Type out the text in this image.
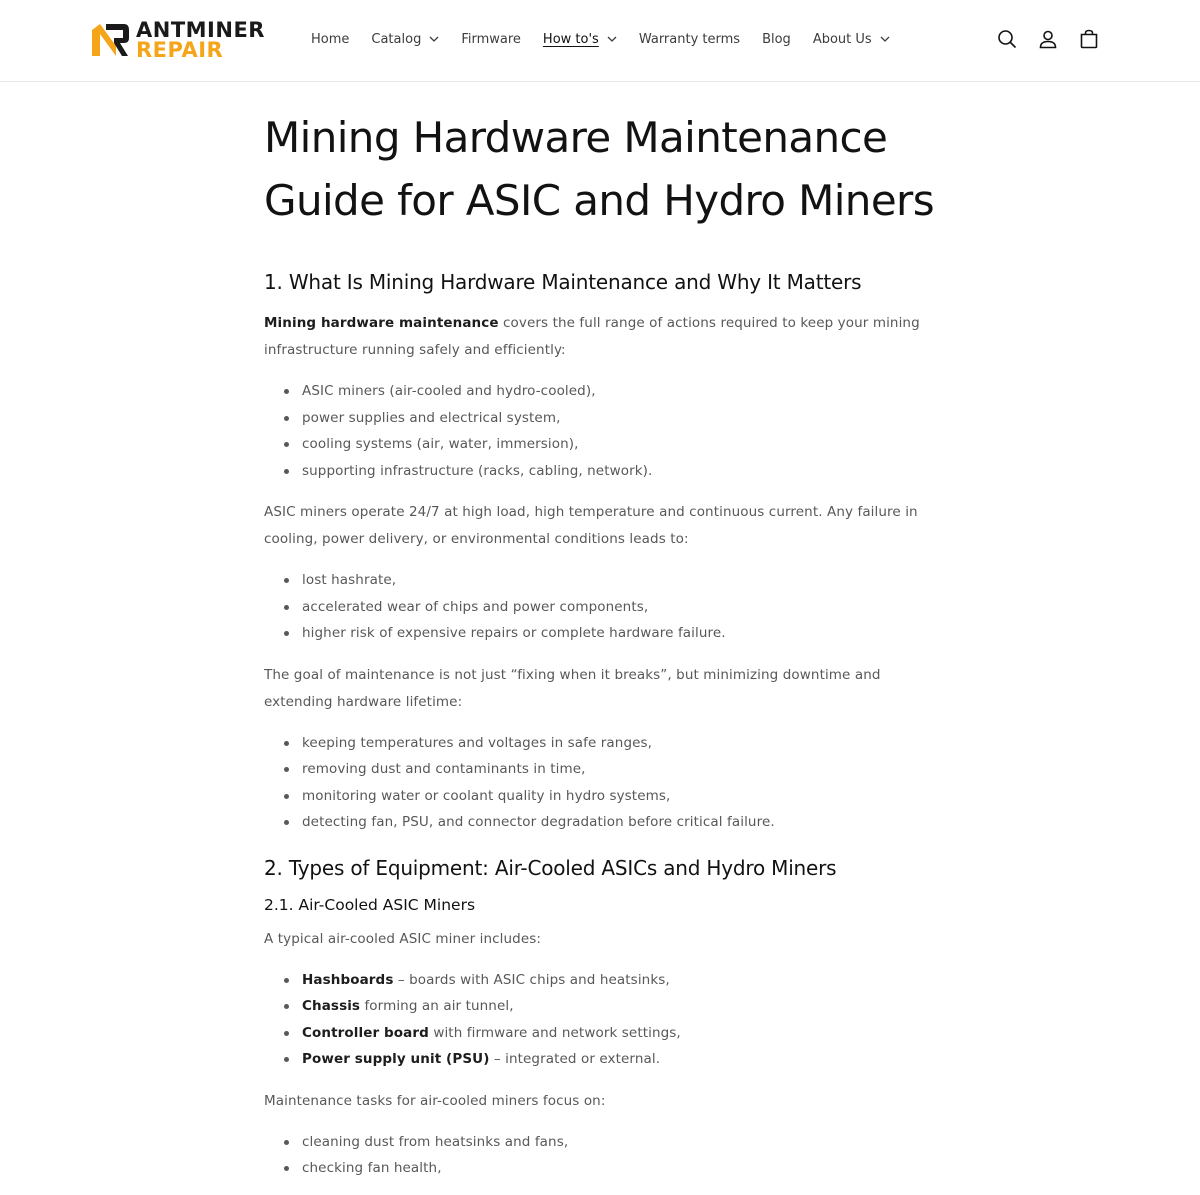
ANTMINER
REPAIR	Home Catalog	Firmware How to's	Warranty terms Blog About Us
Mining Hardware Maintenance
Guide for ASIC and Hydro Miners
1. What Is Mining Hardware Maintenance and Why It Matters

Mining hardware maintenance covers the full range of actions required to keep your mining infrastructure running safely and efficiently:

ASIC miners (air-cooled and hydro-cooled),
power supplies and electrical system,
cooling systems (air, water, immersion),
supporting infrastructure (racks, cabling, network).

ASIC miners operate 24/7 at high load, high temperature and continuous current. Any failure in cooling, power delivery, or environmental conditions leads to:

lost hashrate,
accelerated wear of chips and power components,
higher risk of expensive repairs or complete hardware failure.

The goal of maintenance is not just “fixing when it breaks”, but minimizing downtime and extending hardware lifetime:

keeping temperatures and voltages in safe ranges,
removing dust and contaminants in time,
monitoring water or coolant quality in hydro systems,
detecting fan, PSU, and connector degradation before critical failure.
2. Types of Equipment: Air-Cooled ASICs and Hydro Miners
2.1. Air-Cooled ASIC Miners

A typical air-cooled ASIC miner includes:

Hashboards – boards with ASIC chips and heatsinks,
Chassis forming an air tunnel,
Controller board with firmware and network settings,
Power supply unit (PSU) – integrated or external.

Maintenance tasks for air-cooled miners focus on:

cleaning dust from heatsinks and fans,
checking fan health,
